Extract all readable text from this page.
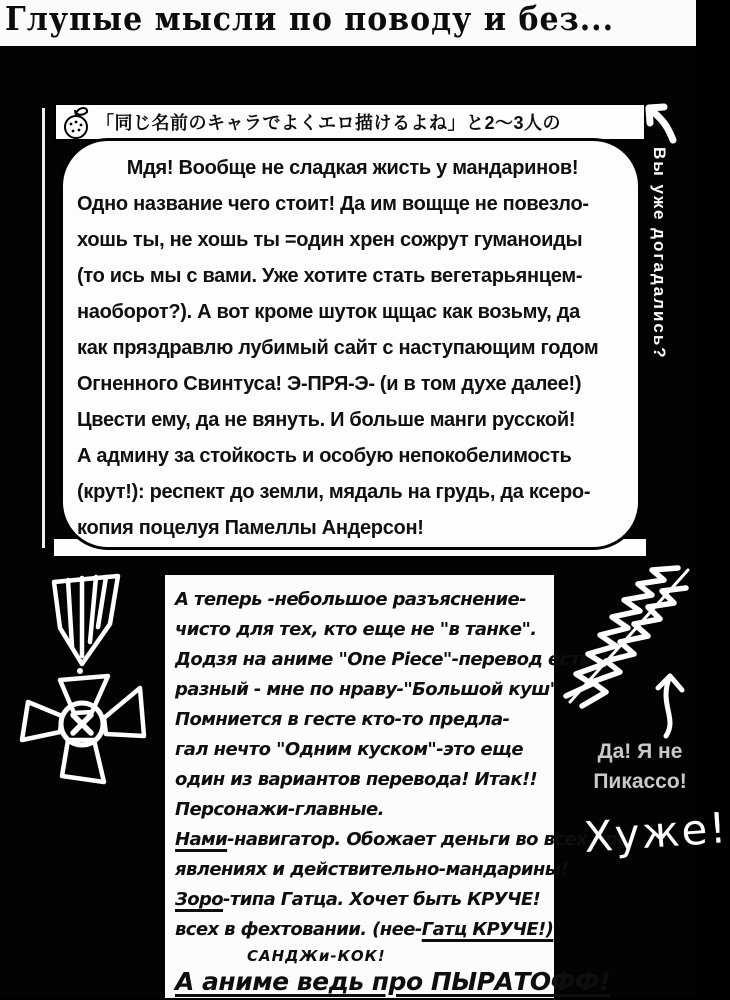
Глупые мысли по поводу и без...
「同じ名前のキャラでよくエロ描けるよね」と2〜3人の
Мдя! Вообще не сладкая жисть у мандаринов!
Одно название чего стоит! Да им вощще не повезло-
хошь ты, не хошь ты =один хрен сожрут гуманоиды
(то ись мы с вами. Уже хотите стать вегетарьянцем-
наоборот?). А вот кроме шуток щщас как возьму, да
как пряздравлю лубимый сайт с наступающим годом
Огненного Свинтуса! Э-ПРЯ-Э- (и в том духе далее!)
Цвести ему, да не вянуть. И больше манги русской!
А админу за стойкость и особую непокобелимость
(крут!): респект до земли, мядаль на грудь, да ксеро-
копия поцелуя Памеллы Андерсон!
Вы уже догадались?
А теперь -небольшое разъяснение-
чисто для тех, кто еще не "в танке".
Додзя на аниме "One Piece"-перевод есть
разный - мне по нраву-"Большой куш".
Помниется в гесте кто-то предла-
гал нечто "Одним куском"-это еще
один из вариантов перевода! Итак!!
Персонажи-главные.
Нами-навигатор. Обожает деньги во всех про-
явлениях и действительно-мандарины!
Зоро-типа Гатца. Хочет быть КРУЧЕ!
всех в фехтовании. (нее-Гатц КРУЧЕ!)
САНДЖи-КОК!
А аниме ведь про ПЫРАТОФФ!
Да! Я не
Пикассо!
Хуже!
